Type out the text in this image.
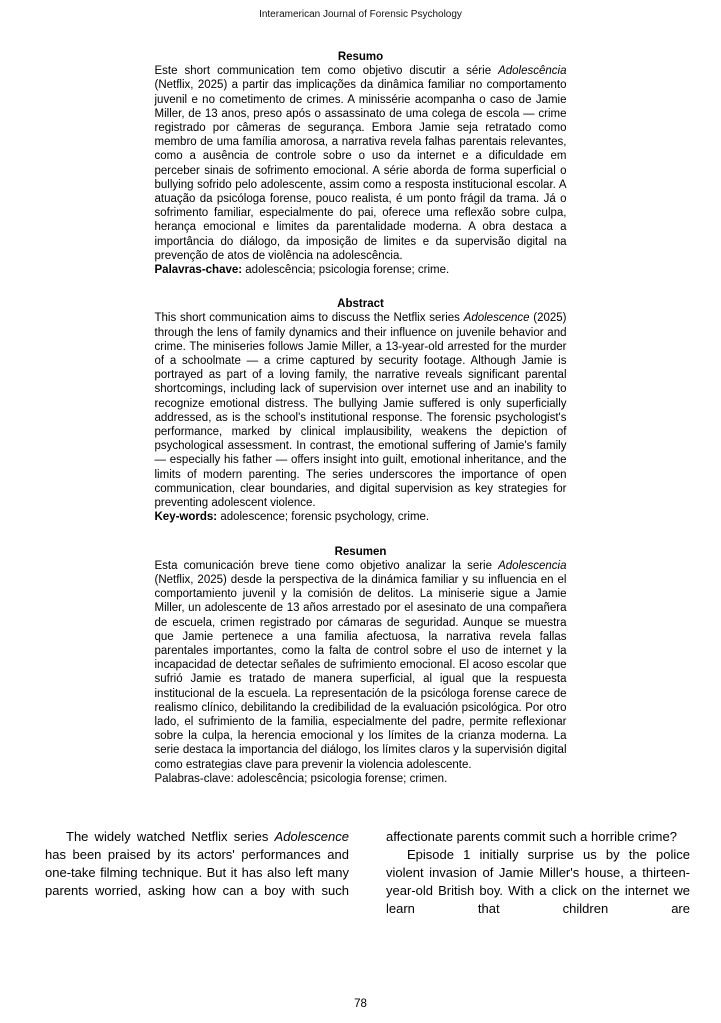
Interamerican Journal of Forensic Psychology
Resumo

Este short communication tem como objetivo discutir a série Adolescência (Netflix, 2025) a partir das implicações da dinâmica familiar no comportamento juvenil e no cometimento de crimes. A minissérie acompanha o caso de Jamie Miller, de 13 anos, preso após o assassinato de uma colega de escola — crime registrado por câmeras de segurança. Embora Jamie seja retratado como membro de uma família amorosa, a narrativa revela falhas parentais relevantes, como a ausência de controle sobre o uso da internet e a dificuldade em perceber sinais de sofrimento emocional. A série aborda de forma superficial o bullying sofrido pelo adolescente, assim como a resposta institucional escolar. A atuação da psicóloga forense, pouco realista, é um ponto frágil da trama. Já o sofrimento familiar, especialmente do pai, oferece uma reflexão sobre culpa, herança emocional e limites da parentalidade moderna. A obra destaca a importância do diálogo, da imposição de limites e da supervisão digital na prevenção de atos de violência na adolescência.

Palavras-chave: adolescência; psicologia forense; crime.

Abstract

This short communication aims to discuss the Netflix series Adolescence (2025) through the lens of family dynamics and their influence on juvenile behavior and crime. The miniseries follows Jamie Miller, a 13-year-old arrested for the murder of a schoolmate — a crime captured by security footage. Although Jamie is portrayed as part of a loving family, the narrative reveals significant parental shortcomings, including lack of supervision over internet use and an inability to recognize emotional distress. The bullying Jamie suffered is only superficially addressed, as is the school's institutional response. The forensic psychologist's performance, marked by clinical implausibility, weakens the depiction of psychological assessment. In contrast, the emotional suffering of Jamie's family — especially his father — offers insight into guilt, emotional inheritance, and the limits of modern parenting. The series underscores the importance of open communication, clear boundaries, and digital supervision as key strategies for preventing adolescent violence.

Key-words: adolescence; forensic psychology, crime.

Resumen

Esta comunicación breve tiene como objetivo analizar la serie Adolescencia (Netflix, 2025) desde la perspectiva de la dinámica familiar y su influencia en el comportamiento juvenil y la comisión de delitos. La miniserie sigue a Jamie Miller, un adolescente de 13 años arrestado por el asesinato de una compañera de escuela, crimen registrado por cámaras de seguridad. Aunque se muestra que Jamie pertenece a una familia afectuosa, la narrativa revela fallas parentales importantes, como la falta de control sobre el uso de internet y la incapacidad de detectar señales de sufrimiento emocional. El acoso escolar que sufrió Jamie es tratado de manera superficial, al igual que la respuesta institucional de la escuela. La representación de la psicóloga forense carece de realismo clínico, debilitando la credibilidad de la evaluación psicológica. Por otro lado, el sufrimiento de la familia, especialmente del padre, permite reflexionar sobre la culpa, la herencia emocional y los límites de la crianza moderna. La serie destaca la importancia del diálogo, los límites claros y la supervisión digital como estrategias clave para prevenir la violencia adolescente.

Palabras-clave: adolescência; psicologia forense; crimen.

The widely watched Netflix series Adolescence has been praised by its actors' performances and one-take filming technique. But it has also left many parents worried, asking how can a boy with such

affectionate parents commit such a horrible crime?

Episode 1 initially surprise us by the police violent invasion of Jamie Miller's house, a thirteen-year-old British boy. With a click on the internet we learn that children are

78
